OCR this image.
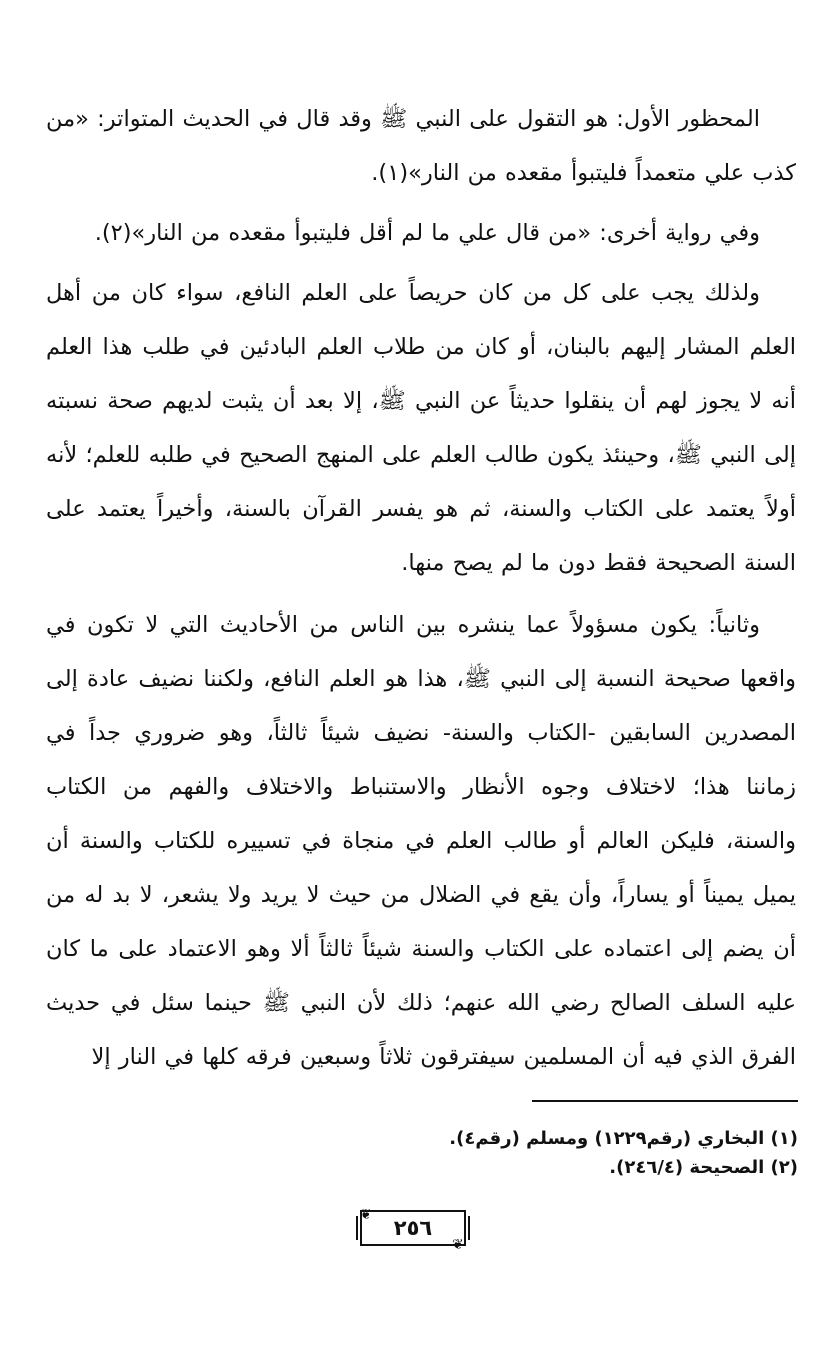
المحظور الأول: هو التقول على النبي ﷺ وقد قال في الحديث المتواتر: «من كذب علي متعمداً فليتبوأ مقعده من النار»(١).

وفي رواية أخرى: «من قال علي ما لم أقل فليتبوأ مقعده من النار»(٢).

ولذلك يجب على كل من كان حريصاً على العلم النافع، سواء كان من أهل العلم المشار إليهم بالبنان، أو كان من طلاب العلم البادئين في طلب هذا العلم أنه لا يجوز لهم أن ينقلوا حديثاً عن النبي ﷺ، إلا بعد أن يثبت لديهم صحة نسبته إلى النبي ﷺ، وحينئذ يكون طالب العلم على المنهج الصحيح في طلبه للعلم؛ لأنه أولاً يعتمد على الكتاب والسنة، ثم هو يفسر القرآن بالسنة، وأخيراً يعتمد على السنة الصحيحة فقط دون ما لم يصح منها.

وثانياً: يكون مسؤولاً عما ينشره بين الناس من الأحاديث التي لا تكون في واقعها صحيحة النسبة إلى النبي ﷺ، هذا هو العلم النافع، ولكننا نضيف عادة إلى المصدرين السابقين -الكتاب والسنة- نضيف شيئاً ثالثاً، وهو ضروري جداً في زماننا هذا؛ لاختلاف وجوه الأنظار والاستنباط والاختلاف والفهم من الكتاب والسنة، فليكن العالم أو طالب العلم في منجاة في تسييره للكتاب والسنة أن يميل يميناً أو يساراً، وأن يقع في الضلال من حيث لا يريد ولا يشعر، لا بد له من أن يضم إلى اعتماده على الكتاب والسنة شيئاً ثالثاً ألا وهو الاعتماد على ما كان عليه السلف الصالح رضي الله عنهم؛ ذلك لأن النبي ﷺ حينما سئل في حديث الفرق الذي فيه أن المسلمين سيفترقون ثلاثاً وسبعين فرقه كلها في النار إلا

(١) البخاري (رقم١٢٢٩) ومسلم (رقم٤).

(٢) الصحيحة (٢٤٦/٤).

❦
٢٥٦
❦
